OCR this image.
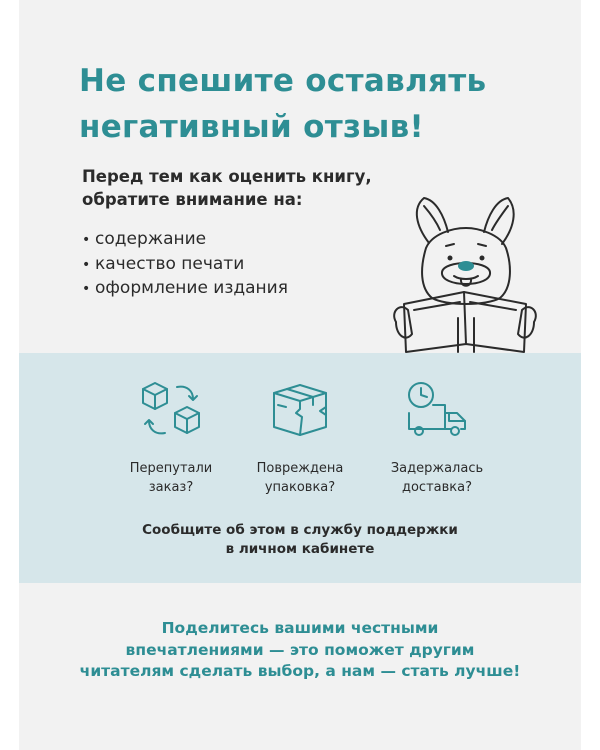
Не спешите оставлять
негативный отзыв!

Перед тем как оценить книгу,
обратите внимание на:

• содержание
• качество печати
• оформление издания
Перепутали
заказ?
Повреждена
упаковка?
Задержалась
доставка?
Сообщите об этом в службу поддержки
в личном кабинете
Поделитесь вашими честными
впечатлениями — это поможет другим
читателям сделать выбор, а нам — стать лучше!
